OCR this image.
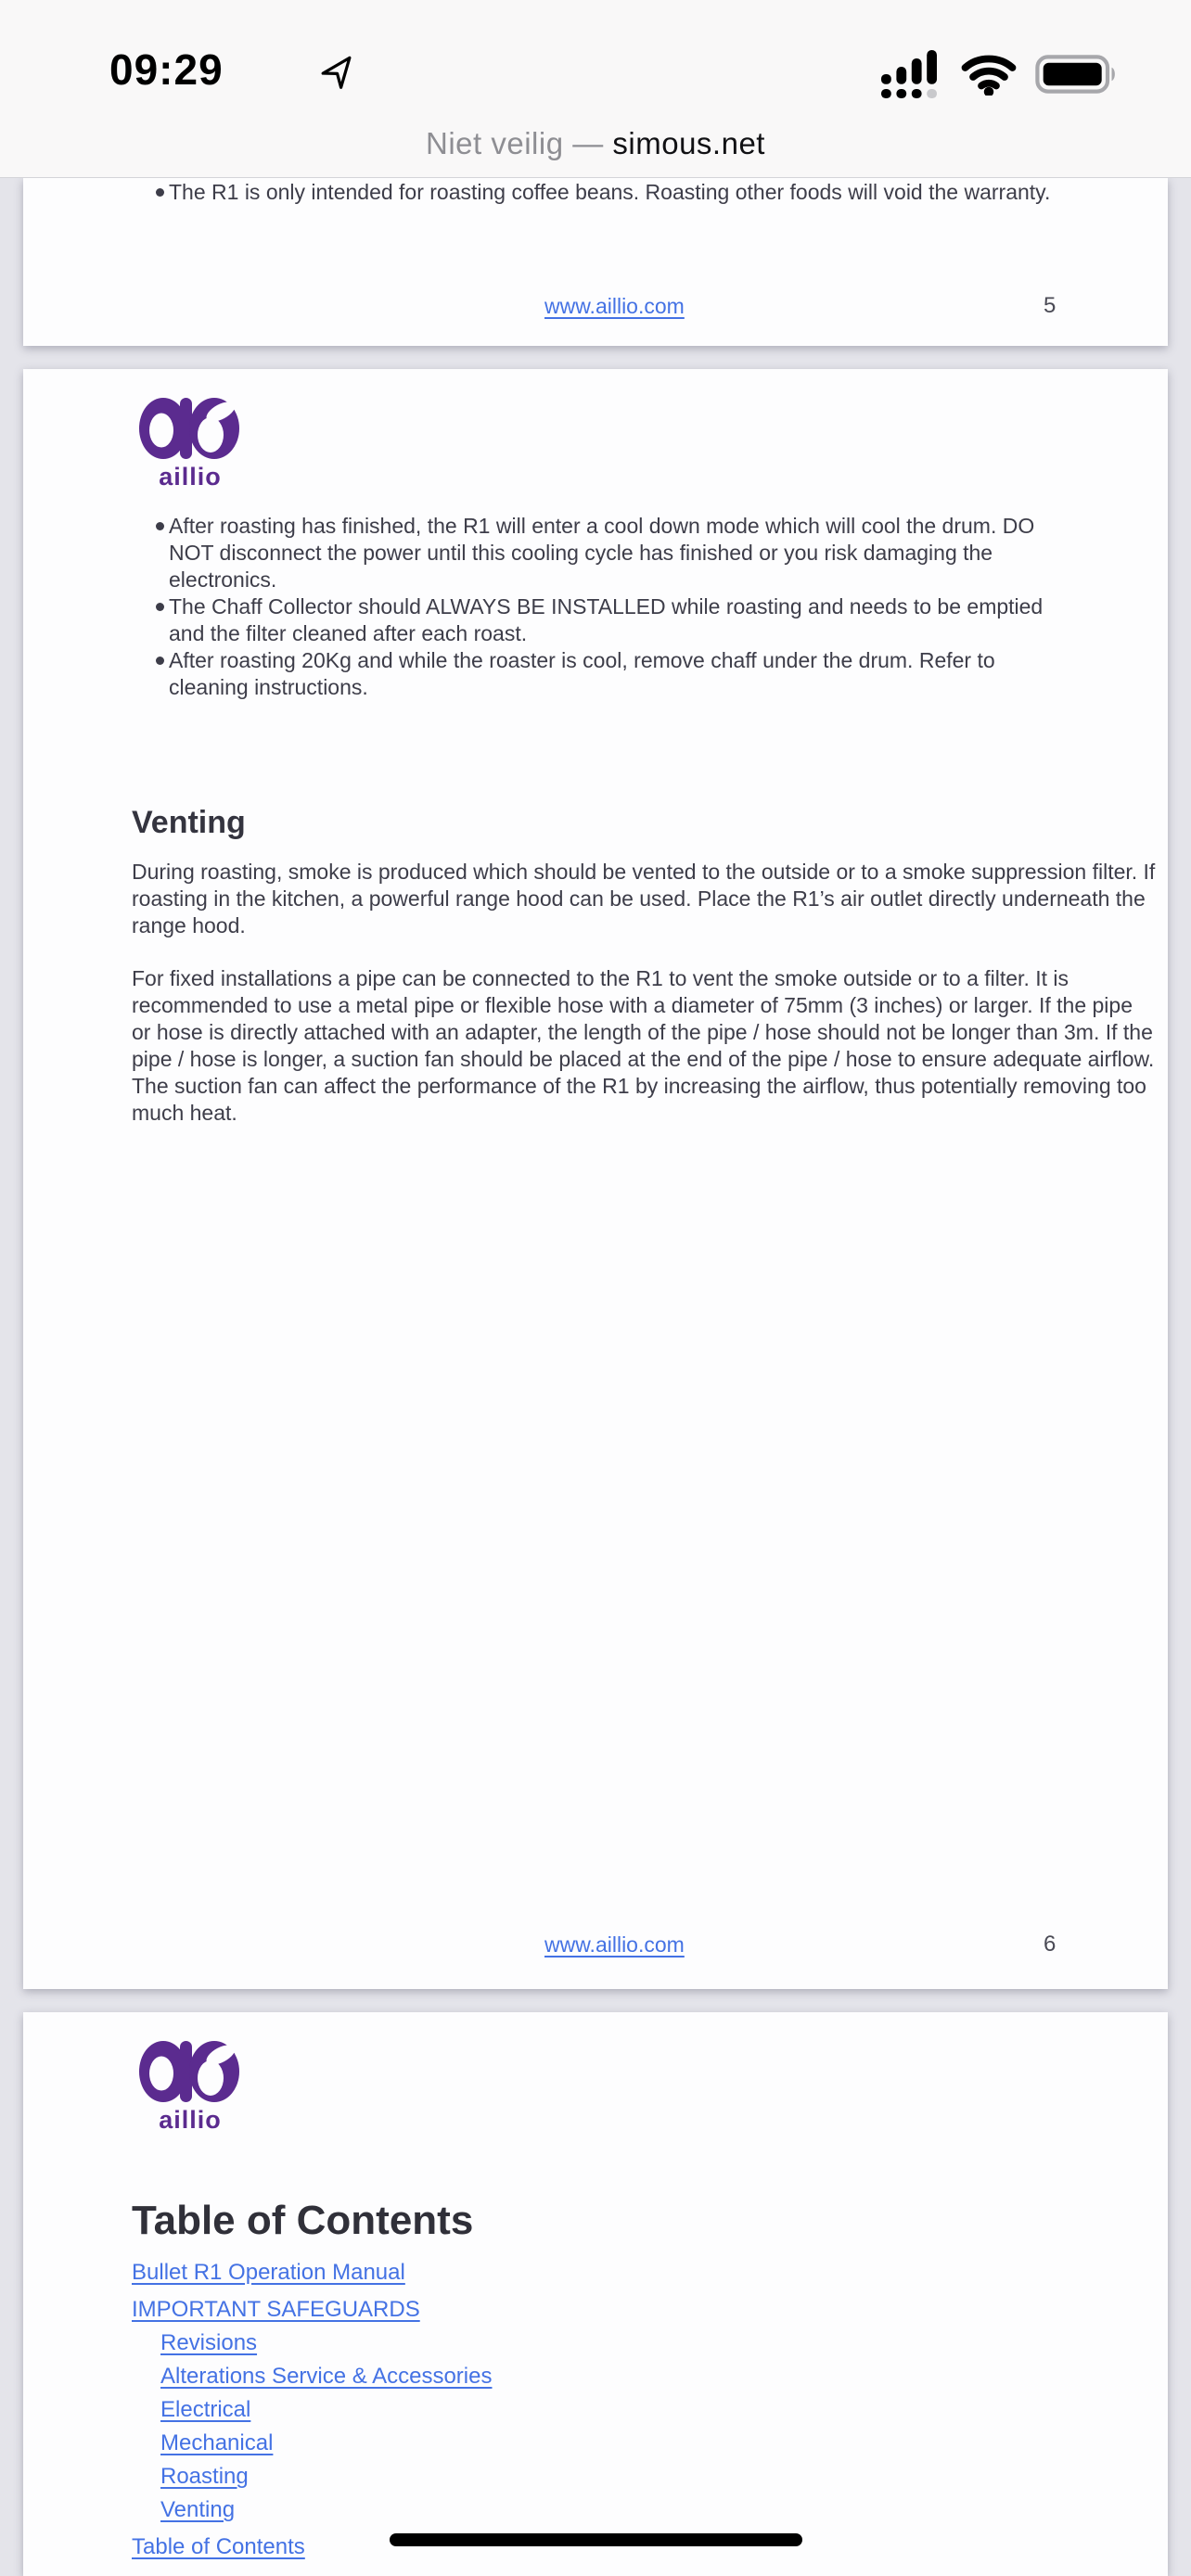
09:29
Niet veilig — simous.net
The R1 is only intended for roasting coffee beans. Roasting other foods will void the warranty.
www.aillio.com	5
aillio
After roasting has finished, the R1 will enter a cool down mode which will cool the drum. DO NOT disconnect the power until this cooling cycle has finished or you risk damaging the electronics.
The Chaff Collector should ALWAYS BE INSTALLED while roasting and needs to be emptied and the filter cleaned after each roast.
After roasting 20Kg and while the roaster is cool, remove chaff under the drum. Refer to cleaning instructions.
Venting

During roasting, smoke is produced which should be vented to the outside or to a smoke suppression filter. If roasting in the kitchen, a powerful range hood can be used. Place the R1’s air outlet directly underneath the range hood.

For fixed installations a pipe can be connected to the R1 to vent the smoke outside or to a filter. It is recommended to use a metal pipe or flexible hose with a diameter of 75mm (3 inches) or larger. If the pipe or hose is directly attached with an adapter, the length of the pipe / hose should not be longer than 3m. If the pipe / hose is longer, a suction fan should be placed at the end of the pipe / hose to ensure adequate airflow. The suction fan can affect the performance of the R1 by increasing the airflow, thus potentially removing too much heat.

www.aillio.com	6
aillio
Table of Contents
Bullet R1 Operation Manual
IMPORTANT SAFEGUARDS
Revisions
Alterations Service & Accessories
Electrical
Mechanical
Roasting
Venting
Table of Contents
